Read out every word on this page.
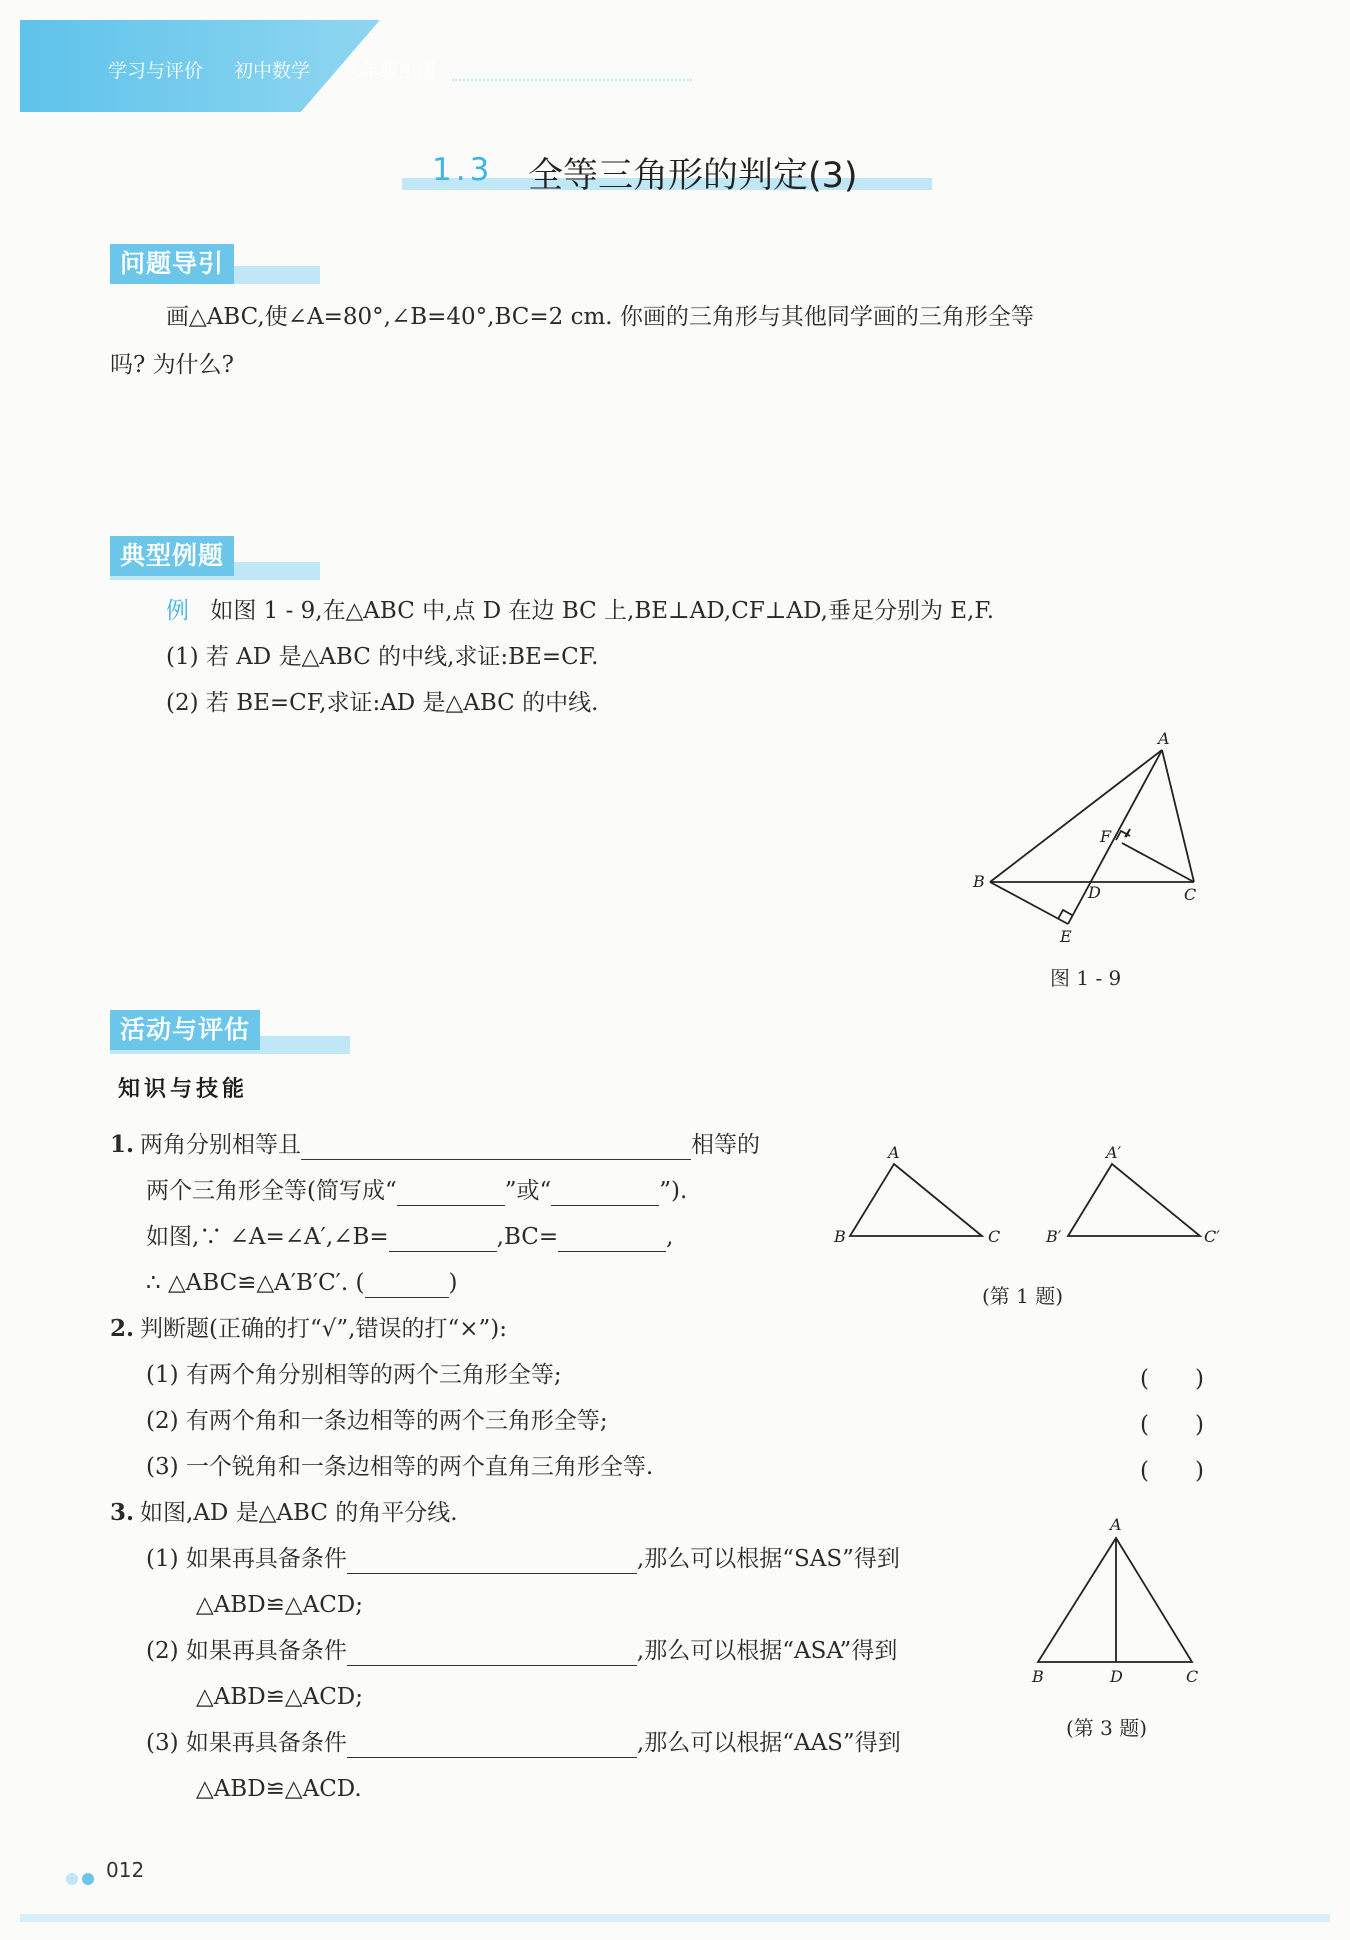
学习与评价 初中数学 八年级上册
1.3 全等三角形的判定(3)
问题导引
画△ABC,使∠A=80°,∠B=40°,BC=2 cm. 你画的三角形与其他同学画的三角形全等
吗? 为什么?
典型例题
例 如图 1 - 9,在△ABC 中,点 D 在边 BC 上,BE⊥AD,CF⊥AD,垂足分别为 E,F.
(1) 若 AD 是△ABC 的中线,求证:BE=CF.
(2) 若 BE=CF,求证:AD 是△ABC 的中线.
A
B
C
D
E
F
图 1 - 9
活动与评估
知识与技能
1. 两角分别相等且	相等的
两个三角形全等(简写成“	”或“	”).
如图,∵ ∠A=∠A′,∠B=	,BC=	,
∴ △ABC≌△A′B′C′. (	)
A
B	C
A′
B′	C′
(第 1 题)
2. 判断题(正确的打“√”,错误的打“×”):
(1) 有两个角分别相等的两个三角形全等;	(　　)
(2) 有两个角和一条边相等的两个三角形全等;	(　　)
(3) 一个锐角和一条边相等的两个直角三角形全等.	(　　)
3. 如图,AD 是△ABC 的角平分线.
(1) 如果再具备条件	,那么可以根据“SAS”得到
△ABD≌△ACD;
(2) 如果再具备条件	,那么可以根据“ASA”得到
△ABD≌△ACD;
(3) 如果再具备条件	,那么可以根据“AAS”得到
△ABD≌△ACD.
A
B	D	C
(第 3 题)
012
